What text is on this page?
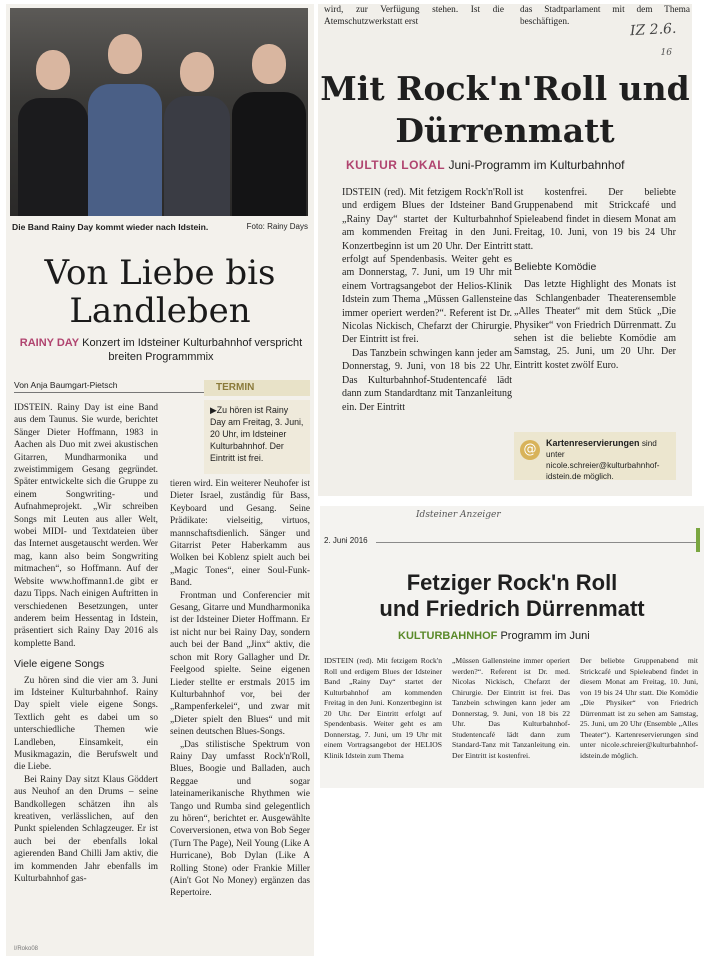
Die Band Rainy Day kommt wieder nach Idstein.	Foto: Rainy Days
Von Liebe bis
Landleben
RAINY DAY Konzert im Idsteiner Kulturbahnhof verspricht breiten Programmmix
Von Anja Baumgart-Pietsch	TERMIN
▶Zu hören ist Rainy Day am Freitag, 3. Juni, 20 Uhr, im Idsteiner Kulturbahnhof. Der Eintritt ist frei.

IDSTEIN. Rainy Day ist eine Band aus dem Taunus. Sie wurde, berichtet Sänger Dieter Hoffmann, 1983 in Aachen als Duo mit zwei akustischen Gitarren, Mundharmonika und zweistimmigem Gesang gegründet. Später entwickelte sich die Gruppe zu einem Songwriting- und Aufnahmeprojekt. „Wir schreiben Songs mit Leuten aus aller Welt, wobei MIDI- und Textdateien über das Internet ausgetauscht werden. Wer mag, kann also beim Songwriting mitmachen“, so Hoffmann. Auf der Website www.hoffmann1.de gibt er dazu Tipps. Nach einigen Auftritten in verschiedenen Besetzungen, unter anderem beim Hessentag in Idstein, präsentiert sich Rainy Day 2016 als komplette Band.

Viele eigene Songs

Zu hören sind die vier am 3. Juni im Idsteiner Kulturbahnhof. Rainy Day spielt viele eigene Songs. Textlich geht es dabei um so unterschiedliche Themen wie Landleben, Einsamkeit, ein Musikmagazin, die Berufswelt und die Liebe.

Bei Rainy Day sitzt Klaus Göddert aus Neuhof an den Drums – seine Bandkollegen schätzen ihn als kreativen, verlässlichen, auf den Punkt spielenden Schlagzeuger. Er ist auch bei der ebenfalls lokal agierenden Band Chilli Jam aktiv, die im kommenden Jahr ebenfalls im Kulturbahnhof gas-

tieren wird. Ein weiterer Neuhofer ist Dieter Israel, zuständig für Bass, Keyboard und Gesang. Seine Prädikate: vielseitig, virtuos, mannschaftsdienlich. Sänger und Gitarrist Peter Haberkamm aus Wolken bei Koblenz spielt auch bei „Magic Tones“, einer Soul-Funk-Band.

Frontman und Conferencier mit Gesang, Gitarre und Mundharmonika ist der Idsteiner Dieter Hoffmann. Er ist nicht nur bei Rainy Day, sondern auch bei der Band „Jinx“ aktiv, die schon mit Rory Gallagher und Dr. Feelgood spielte. Seine eigenen Lieder stellte er erstmals 2015 im Kulturbahnhof vor, bei der „Rampenferkelei“, und zwar mit „Dieter spielt den Blues“ und mit seinen deutschen Blues-Songs.

„Das stilistische Spektrum von Rainy Day umfasst Rock'n'Roll, Blues, Boogie und Balladen, auch Reggae und sogar lateinamerikanische Rhythmen wie Tango und Rumba sind gelegentlich zu hören“, berichtet er. Ausgewählte Coverversionen, etwa von Bob Seger (Turn The Page), Neil Young (Like A Hurricane), Bob Dylan (Like A Rolling Stone) oder Frankie Miller (Ain't Got No Money) ergänzen das Repertoire.

I/Roko08
wird, zur Verfügung stehen. Ist die Atemschutzwerkstatt erst
das Stadtparlament mit dem Thema beschäftigen.	IZ 2.6.
16
Mit Rock'n'Roll und
Dürrenmatt
KULTUR LOKAL Juni-Programm im Kulturbahnhof

IDSTEIN (red). Mit fetzigem Rock'n'Roll und erdigem Blues der Idsteiner Band „Rainy Day“ startet der Kulturbahnhof am kommenden Freitag in den Juni. Konzertbeginn ist um 20 Uhr. Der Eintritt erfolgt auf Spendenbasis. Weiter geht es am Donnerstag, 7. Juni, um 19 Uhr mit einem Vortragsangebot der Helios-Klinik Idstein zum Thema „Müssen Gallensteine immer operiert werden?“. Referent ist Dr. Nicolas Nickisch, Chefarzt der Chirurgie. Der Eintritt ist frei.

Das Tanzbein schwingen kann jeder am Donnerstag, 9. Juni, von 18 bis 22 Uhr. Das Kulturbahnhof-Studentencafé lädt dann zum Standardtanz mit Tanzanleitung ein. Der Eintritt

ist kostenfrei. Der beliebte Gruppenabend mit Strickcafé und Spieleabend findet in diesem Monat am Freitag, 10. Juni, von 19 bis 24 Uhr statt.

Beliebte Komödie

Das letzte Highlight des Monats ist das Schlangenbader Theaterensemble „Alles Theater“ mit dem Stück „Die Physiker“ von Friedrich Dürrenmatt. Zu sehen ist die beliebte Komödie am Samstag, 25. Juni, um 20 Uhr. Der Eintritt kostet zwölf Euro.

@	Kartenreservierungen sind unter nicole.schreier@kulturbahnhof-idstein.de möglich.
Idsteiner Anzeiger
2. Juni 2016
Fetziger Rock'n Roll
und Friedrich Dürrenmatt
KULTURBAHNHOF Programm im Juni
IDSTEIN (red). Mit fetzigem Rock'n Roll und erdigem Blues der Idsteiner Band „Rainy Day“ startet der Kulturbahnhof am kommenden Freitag in den Juni. Konzertbeginn ist 20 Uhr. Der Eintritt erfolgt auf Spendenbasis. Weiter geht es am Donnerstag, 7. Juni, um 19 Uhr mit einem Vortragsangebot der HELIOS Klinik Idstein zum Thema
„Müssen Gallensteine immer operiert werden?“. Referent ist Dr. med. Nicolas Nickisch, Chefarzt der Chirurgie. Der Eintritt ist frei. Das Tanzbein schwingen kann jeder am Donnerstag, 9. Juni, von 18 bis 22 Uhr. Das Kulturbahnhof-Studentencafé lädt dann zum Standard-Tanz mit Tanzanleitung ein. Der Eintritt ist kostenfrei.
Der beliebte Gruppenabend mit Strickcafé und Spieleabend findet in diesem Monat am Freitag, 10. Juni, von 19 bis 24 Uhr statt. Die Komödie „Die Physiker“ von Friedrich Dürrenmatt ist zu sehen am Samstag, 25. Juni, um 20 Uhr (Ensemble „Alles Theater“). Kartenreservierungen sind unter nicole.schreier@kulturbahnhof-idstein.de möglich.
